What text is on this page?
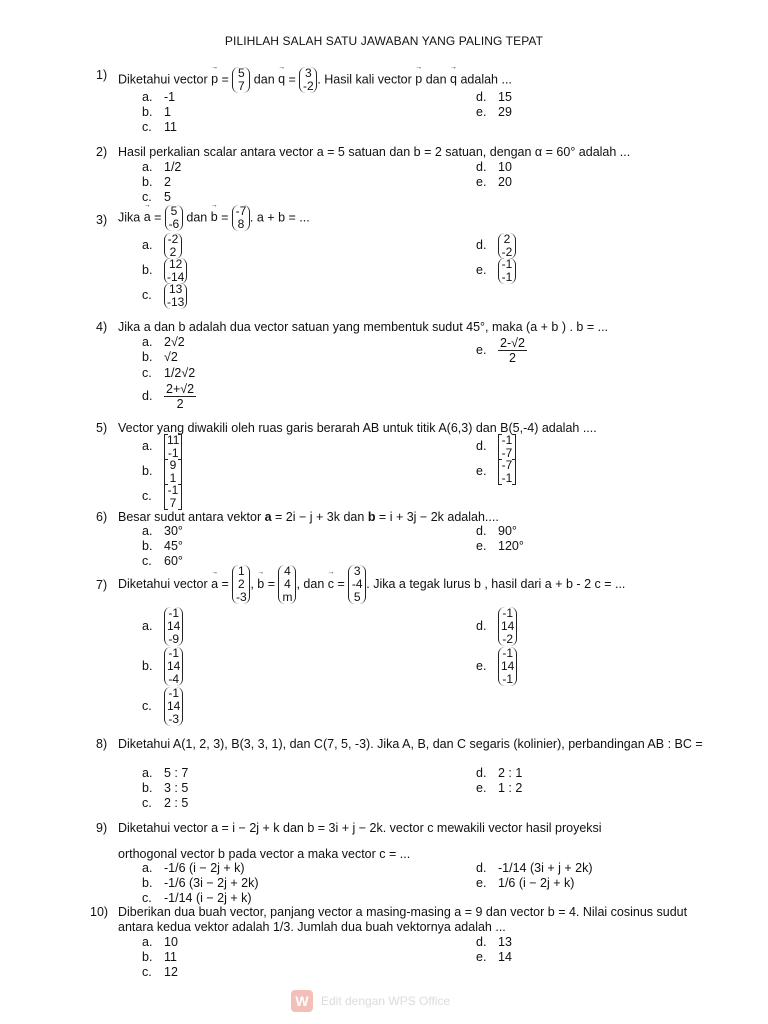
PILIHLAH SALAH SATU JAWABAN YANG PALING TEPAT
1) Diketahui vector
→
p = 5
7 dan
→
q = 3
-2 . Hasil kali vector
→
p dan
→
q adalah ...
a. -1
b. 1
c. 11
d. 15
e. 29
2) Hasil perkalian scalar antara vector a = 5 satuan dan b = 2 satuan, dengan α = 60° adalah ...
a. 1/2
b. 2
c. 5
d. 10
e. 20
3) Jika
→
a = 5
-6 dan
→
b = -7
8 . a + b = ...
a. -2
2
b. 12
-14
c. 13
-13
d. 2
-2
e. -1
-1
4) Jika a dan b adalah dua vector satuan yang membentuk sudut 45°, maka (a + b ) . b = ...
a. 2√2
b. √2
c. 1/2√2
d. $\frac{2+√2}{2}$
e. $\frac{2-√2}{2}$
5) Vector yang diwakili oleh ruas garis berarah AB untuk titik A(6,3) dan B(5,-4) adalah ....
a. 11
-1
b. 9
1
c. -1
7
d. -1
-7
e. -7
-1
6) Besar sudut antara vektor a = 2i − j + 3k dan b = i + 3j − 2k adalah....
a. 30°
b. 45°
c. 60°
d. 90°
e. 120°
7) Diketahui vector
→
a =
1
2
-3
,
→
b =
4
4
m
, dan
→
c =
3
-4
5
. Jika a tegak lurus b , hasil dari a + b - 2 c = ...
a.
-1
14
-9
b.
-1
14
-4
c.
-1
14
-3
d.
-1
14
-2
e.
-1
14
-1
8) Diketahui A(1, 2, 3), B(3, 3, 1), dan C(7, 5, -3). Jika A, B, dan C segaris (kolinier), perbandingan AB : BC =
a. 5 : 7
b. 3 : 5
c. 2 : 5
d. 2 : 1
e. 1 : 2
9) Diketahui vector a = i − 2j + k dan b = 3i + j − 2k. vector c mewakili vector hasil proyeksi
orthogonal vector b pada vector a maka vector c = ...
a. -1/6 (i − 2j + k)
b. -1/6 (3i − 2j + 2k)
c. -1/14 (i − 2j + k)
d. -1/14 (3i + j + 2k)
e. 1/6 (i − 2j + k)
10) Diberikan dua buah vector, panjang vector a masing-masing a = 9 dan vector b = 4. Nilai cosinus sudut antara kedua vektor adalah 1/3. Jumlah dua buah vektornya adalah ...
a. 10
b. 11
c. 12
d. 13
e. 14
W	Edit dengan WPS Office
